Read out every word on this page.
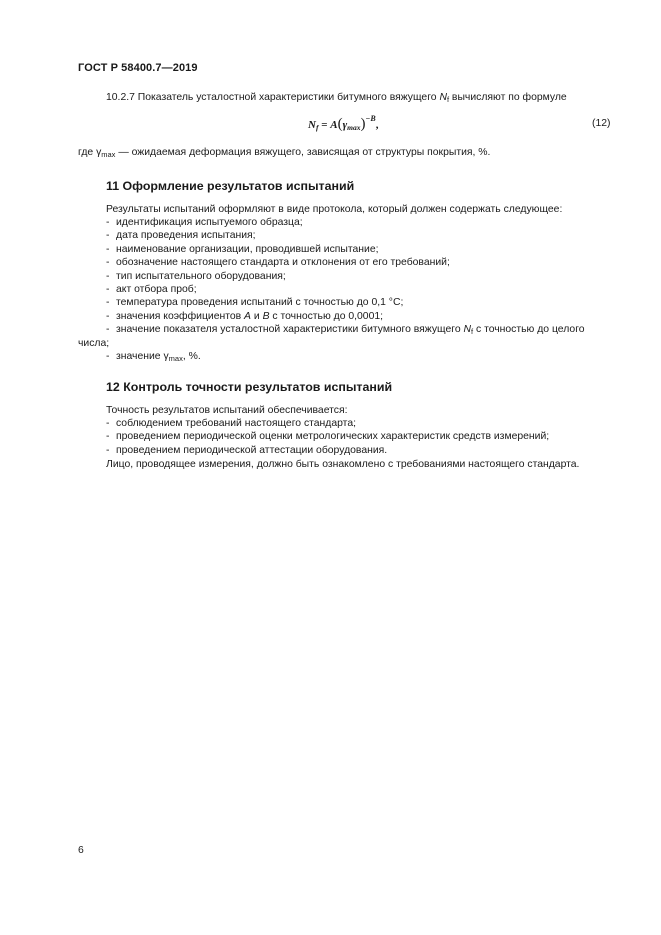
ГОСТ Р 58400.7—2019
10.2.7 Показатель усталостной характеристики битумного вяжущего $N_f$ вычисляют по формуле
$N_f = A(\gamma_{max})^{-B}$,	(12)
где $\gamma_{max}$ — ожидаемая деформация вяжущего, зависящая от структуры покрытия, %.
11 Оформление результатов испытаний
Результаты испытаний оформляют в виде протокола, который должен содержать следующее:
- идентификация испытуемого образца;
- дата проведения испытания;
- наименование организации, проводившей испытание;
- обозначение настоящего стандарта и отклонения от его требований;
- тип испытательного оборудования;
- акт отбора проб;
- температура проведения испытаний с точностью до 0,1 °С;
- значения коэффициентов A и B с точностью до 0,0001;
- значение показателя усталостной характеристики битумного вяжущего $N_f$ с точностью до целого
числа;
- значение $\gamma_{max}$, %.
12 Контроль точности результатов испытаний
Точность результатов испытаний обеспечивается:
- соблюдением требований настоящего стандарта;
- проведением периодической оценки метрологических характеристик средств измерений;
- проведением периодической аттестации оборудования.
Лицо, проводящее измерения, должно быть ознакомлено с требованиями настоящего стандарта.
6
